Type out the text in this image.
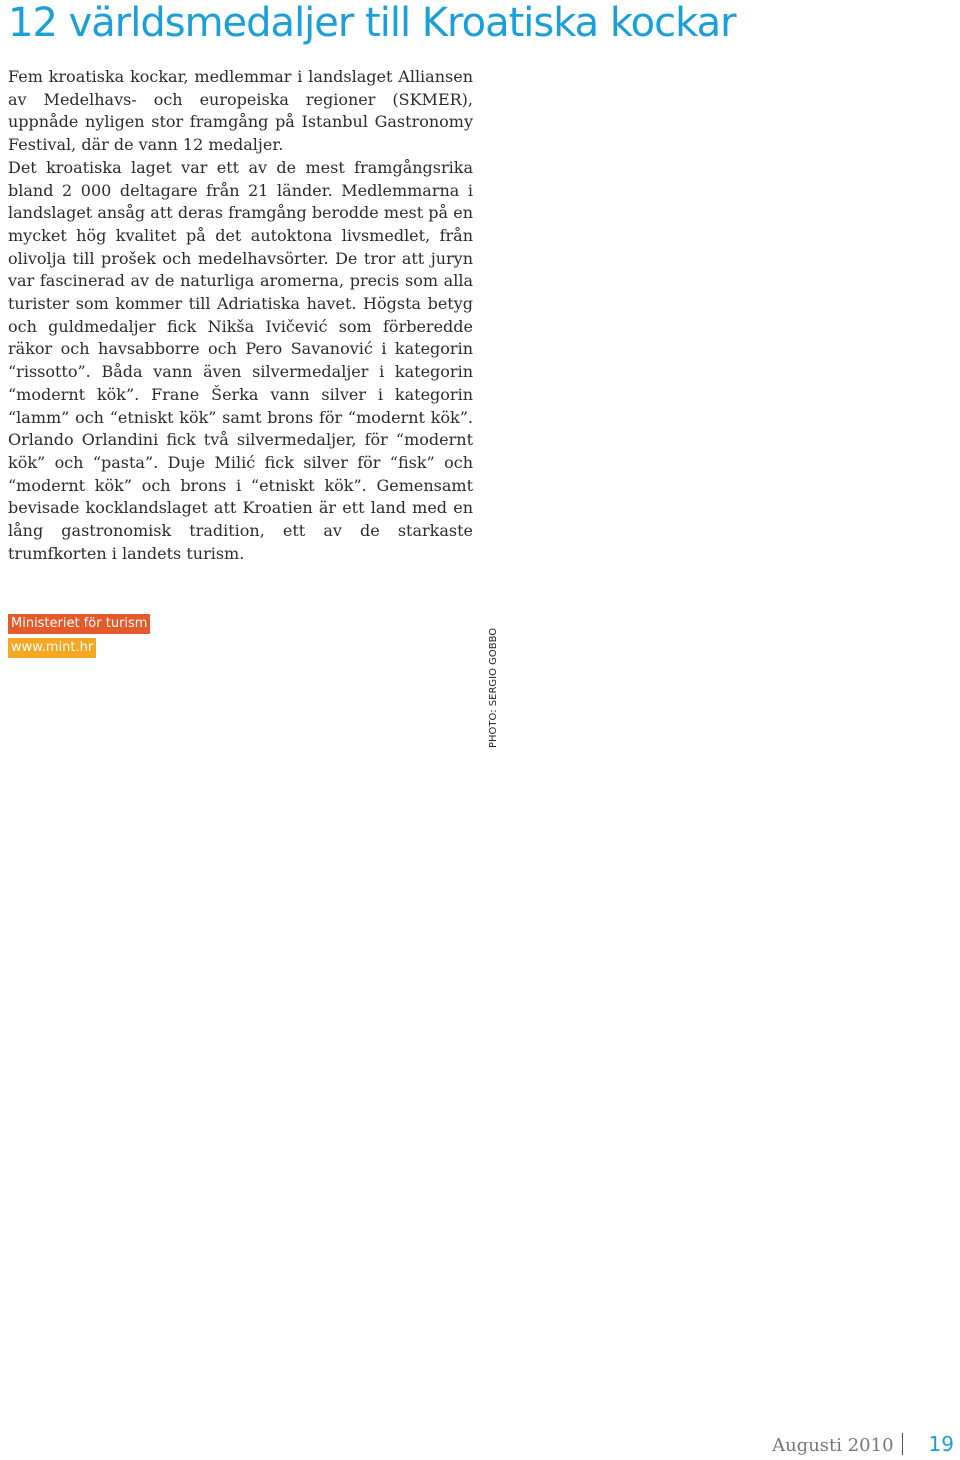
12 världsmedaljer till Kroatiska kockar

Fem kroatiska kockar, medlemmar i landslaget Alliansen av Medelhavs- och europeiska regioner (SKMER), uppnåde nyligen stor framgång på Istanbul Gastronomy Festival, där de vann 12 medaljer.

Det kroatiska laget var ett av de mest framgångsrika bland 2 000 deltagare från 21 länder. Medlemmarna i landslaget ansåg att deras framgång berodde mest på en mycket hög kvalitet på det autoktona livsmedlet, från olivolja till prošek och medelhavsörter. De tror att juryn var fascinerad av de naturliga aromerna, precis som alla turister som kommer till Adriatiska havet. Högsta betyg och guldmedaljer fick Nikša Ivičević som förberedde räkor och havsabborre och Pero Savanović i kategorin “rissotto”. Båda vann även silvermedaljer i kategorin “modernt kök”. Frane Šerka vann silver i kategorin “lamm” och “etniskt kök” samt brons för “modernt kök”. Orlando Orlandini fick två silvermedaljer, för “modernt kök” och “pasta”. Duje Milić fick silver för “fisk” och “modernt kök” och brons i “etniskt kök”. Gemensamt bevisade kocklandslaget att Kroatien är ett land med en lång gastronomisk tradition, ett av de starkaste trumfkorten i landets turism.

Ministeriet för turism
www.mint.hr	PHOTO: SERGIO GOBBO
Augusti 2010 19
